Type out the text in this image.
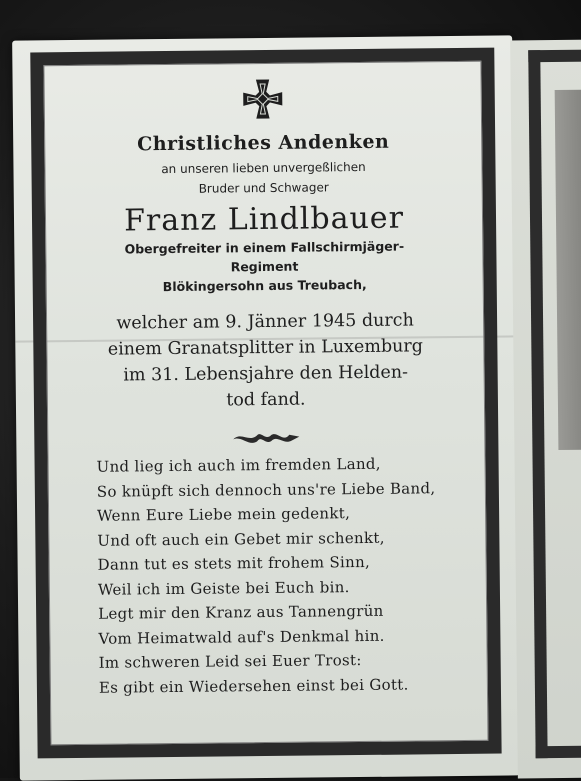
Christliches Andenken
an unseren lieben unvergeßlichen
Bruder und Schwager
Franz Lindlbauer
Obergefreiter in einem Fallschirmjäger-
Regiment
Blökingersohn aus Treubach,
welcher am 9. Jänner 1945 durch
einem Granatsplitter in Luxemburg
im 31. Lebensjahre den Helden-
tod fand.
Und lieg ich auch im fremden Land,
So knüpft sich dennoch uns're Liebe Band,
Wenn Eure Liebe mein gedenkt,
Und oft auch ein Gebet mir schenkt,
Dann tut es stets mit frohem Sinn,
Weil ich im Geiste bei Euch bin.
Legt mir den Kranz aus Tannengrün
Vom Heimatwald auf's Denkmal hin.
Im schweren Leid sei Euer Trost:
Es gibt ein Wiedersehen einst bei Gott.
